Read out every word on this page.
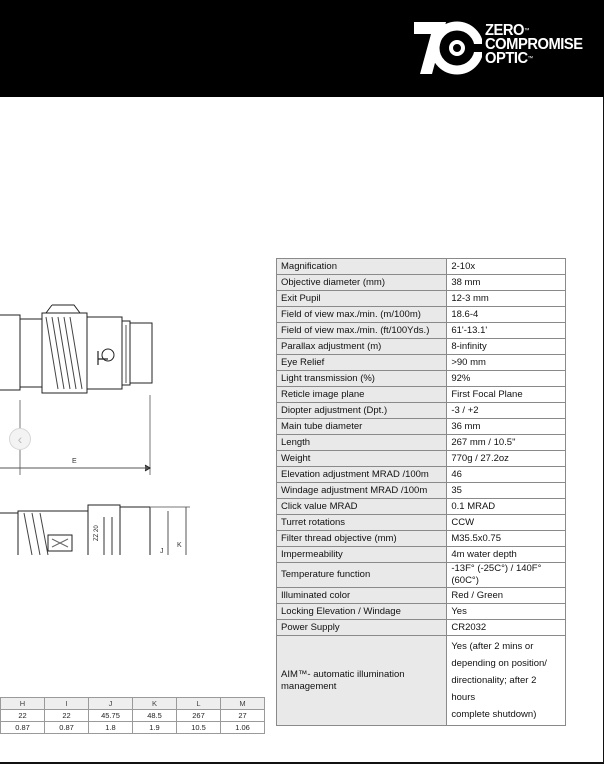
ZERO™
COMPROMISE
OPTIC™
E
ZZ 20
J
K
‹
Magnification	2-10x
Objective diameter (mm)	38 mm
Exit Pupil	12-3 mm
Field of view max./min. (m/100m)	18.6-4
Field of view max./min. (ft/100Yds.)	61'-13.1'
Parallax adjustment (m)	8-infinity
Eye Relief	>90 mm
Light transmission (%)	92%
Reticle image plane	First Focal Plane
Diopter adjustment (Dpt.)	-3 / +2
Main tube diameter	36 mm
Length	267 mm / 10.5"
Weight	770g / 27.2oz
Elevation adjustment MRAD /100m	46
Windage adjustment MRAD /100m	35
Click value MRAD	0.1 MRAD
Turret rotations	CCW
Filter thread objective (mm)	M35.5x0.75
Impermeability	4m water depth
Temperature function	-13F° (-25C°) / 140F° (60C°)
Illuminated color	Red / Green
Locking Elevation / Windage	Yes
Power Supply	CR2032
AIM™- automatic illumination management	Yes (after 2 mins or
depending on position/
directionality; after 2 hours
complete shutdown)
H	I	J	K	L	M
22	22	45.75	48.5	267	27
0.87	0.87	1.8	1.9	10.5	1.06
